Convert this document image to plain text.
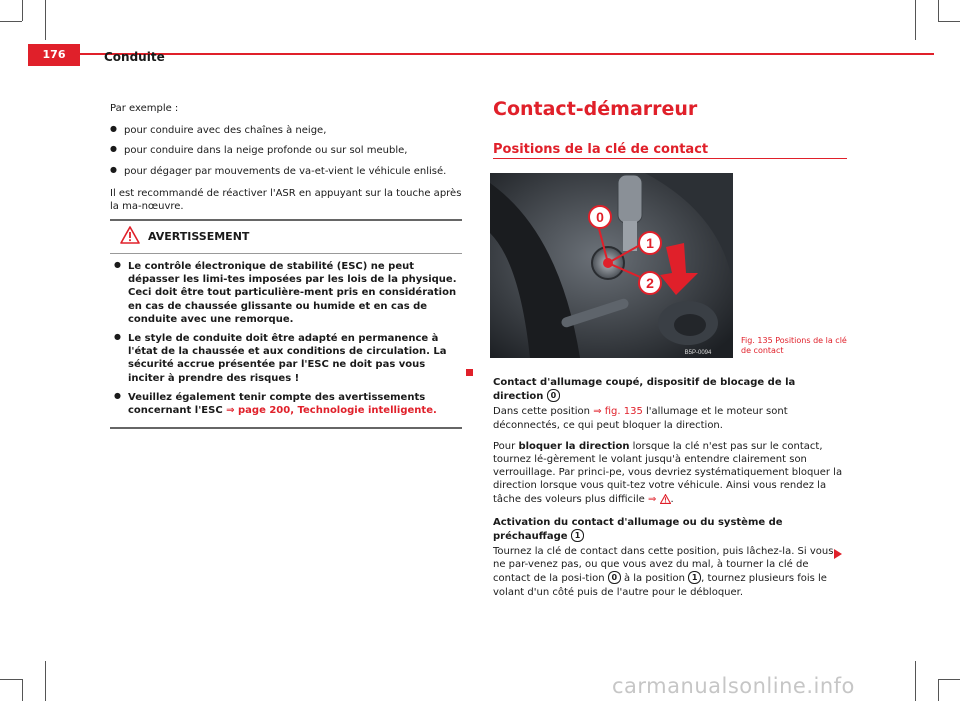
176	Conduite

Par exemple :

● pour conduire avec des chaînes à neige,
● pour conduire dans la neige profonde ou sur sol meuble,
● pour dégager par mouvements de va-et-vient le véhicule enlisé.

Il est recommandé de réactiver l'ASR en appuyant sur la touche après la ma-nœuvre.

AVERTISSEMENT
● Le contrôle électronique de stabilité (ESC) ne peut dépasser les limi-tes imposées par les lois de la physique. Ceci doit être tout particulière-ment pris en considération en cas de chaussée glissante ou humide et en cas de conduite avec une remorque.
● Le style de conduite doit être adapté en permanence à l'état de la chaussée et aux conditions de circulation. La sécurité accrue présentée par l'ESC ne doit pas vous inciter à prendre des risques !
● Veuillez également tenir compte des avertissements concernant l'ESC ⇒ page 200, Technologie intelligente.
Contact-démarreur
Positions de la clé de contact
0
1
2
B5P-0094
Fig. 135 Positions de la clé de contact

Contact d'allumage coupé, dispositif de blocage de la direction 0

Dans cette position ⇒ fig. 135 l'allumage et le moteur sont déconnectés, ce qui peut bloquer la direction.

Pour bloquer la direction lorsque la clé n'est pas sur le contact, tournez lé-gèrement le volant jusqu'à entendre clairement son verrouillage. Par princi-pe, vous devriez systématiquement bloquer la direction lorsque vous quit-tez votre véhicule. Ainsi vous rendez la tâche des voleurs plus difficile ⇒ .

Activation du contact d'allumage ou du système de préchauffage 1

Tournez la clé de contact dans cette position, puis lâchez-la. Si vous ne par-venez pas, ou que vous avez du mal, à tourner la clé de contact de la posi-tion 0 à la position 1 , tournez plusieurs fois le volant d'un côté puis de l'autre pour le débloquer.

carmanualsonline.info
